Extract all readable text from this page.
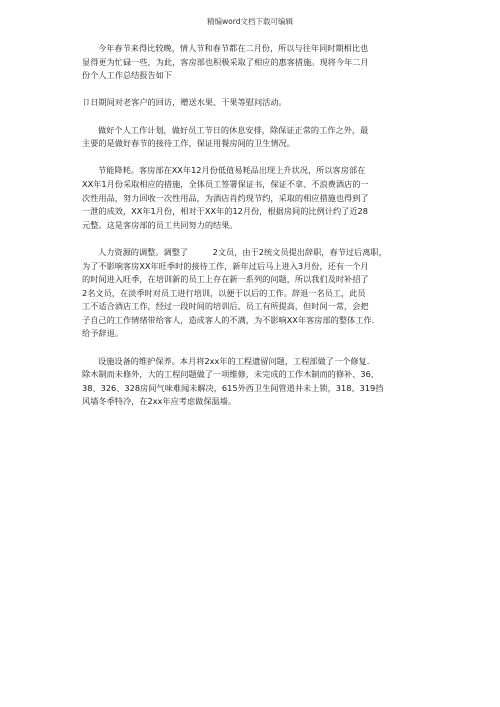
精编word文档下载可编辑
今年春节来得比较晚，情人节和春节都在二月份，所以与往年同时期相比也
显得更为忙碌一些，为此，客房部也积极采取了相应的惠客措施。现将今年二月
份个人工作总结报告如下
卩日期间对老客户的回访，赠送水果、干果等慰问活动。
做好个人工作计划，做好员工节日的休息安排，除保证正常的工作之外，最
主要的是做好春节的接待工作，保证用餐房间的卫生情况。
节能降耗。客房部在XX年12月份低值易耗品出现上升状况，所以客房部在
XX年1月份采取相应的措施，全体员工签署保证书，保证不拿、不浪费酒店的一
次性用品，努力回收一次性用品，为酒店肖约现节约，采取的相应措施也得到了
一泄的成效，XX年1月份，相对于XX年的12月份，根据房间的比例计约了近28
元整。这是客房部的员工共同努力的结果。
人力资源的调整。调整了　　　2文员，由于2统文员提出辞职，春节过后离职，
为了不影响客房XX年旺季时的接待工作，新年过后马上进入3月份，还有一个月
的时间进入旺季，在培训新的员工上存在新一系列的问题，所以我们及时补招了
2名文员，在淡季时对员工进行培训，以便于以后的工作。辞退一名员工，此员
工不适合酒店工作，经过一段时间的培训后，员工有所提高，但时间一常，会把
子自己的工作情绪带给客人，造成客人的不满，为不影响XX年客房部的整体工作.
给予辞退。
设施设备的维护保养。本月将2xx年的工程遗留问题，工程部做了一个修复.
除木制而未修外，大的工程问题做了一项维修，未完成的工作木制而的修补、36、
38、326、328房间气味难闻未解决，615外西卫生间管道井未上锁，318、319挡
风墙冬季特冷，在2xx年应考虑做保温墙。
